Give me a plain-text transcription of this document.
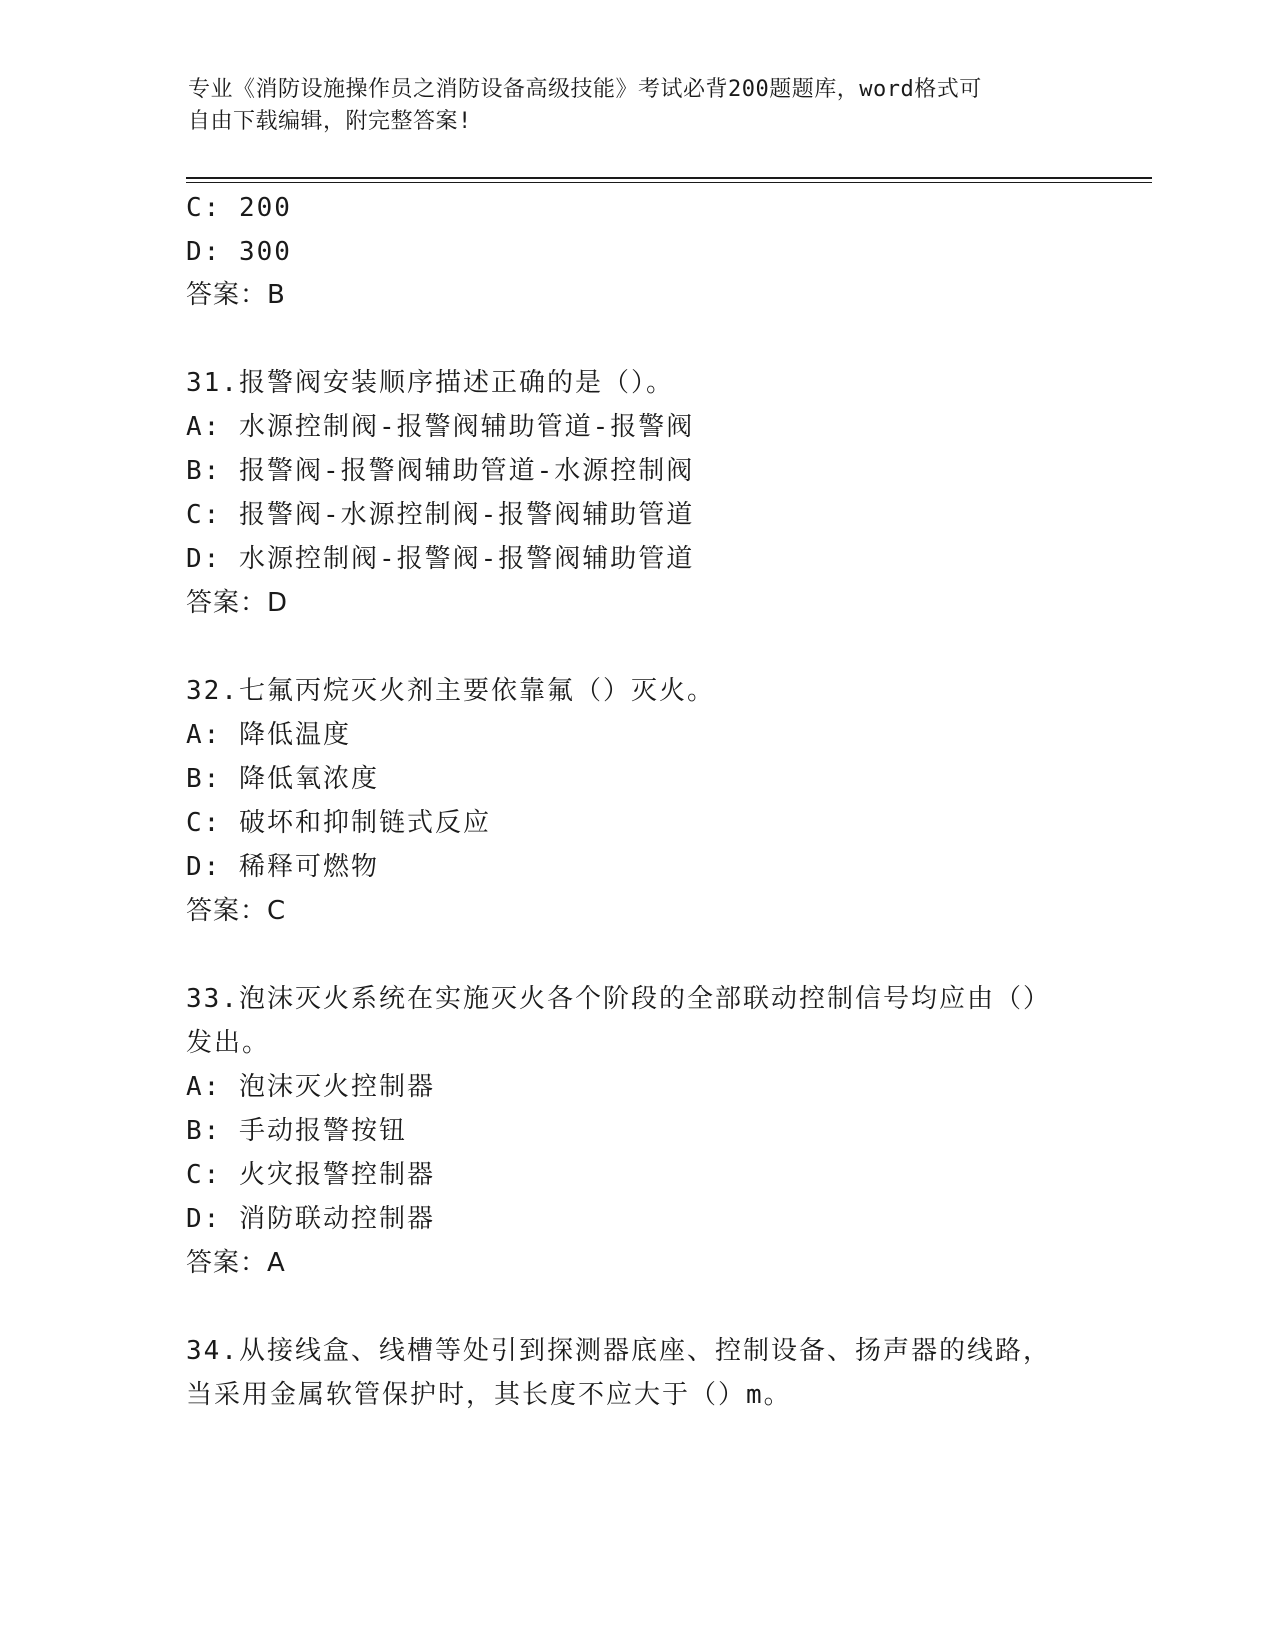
专业《消防设施操作员之消防设备高级技能》考试必背200题题库，word格式可
自由下载编辑，附完整答案!
C: 200
D: 300
答案：B
31.报警阀安装顺序描述正确的是（）。
A: 水源控制阀-报警阀辅助管道-报警阀
B: 报警阀-报警阀辅助管道-水源控制阀
C: 报警阀-水源控制阀-报警阀辅助管道
D: 水源控制阀-报警阀-报警阀辅助管道
答案：D
32.七氟丙烷灭火剂主要依靠氟（）灭火。
A: 降低温度
B: 降低氧浓度
C: 破坏和抑制链式反应
D: 稀释可燃物
答案：C
33.泡沫灭火系统在实施灭火各个阶段的全部联动控制信号均应由（）
发出。
A: 泡沫灭火控制器
B: 手动报警按钮
C: 火灾报警控制器
D: 消防联动控制器
答案：A
34.从接线盒、线槽等处引到探测器底座、控制设备、扬声器的线路，
当采用金属软管保护时，其长度不应大于（）m。
